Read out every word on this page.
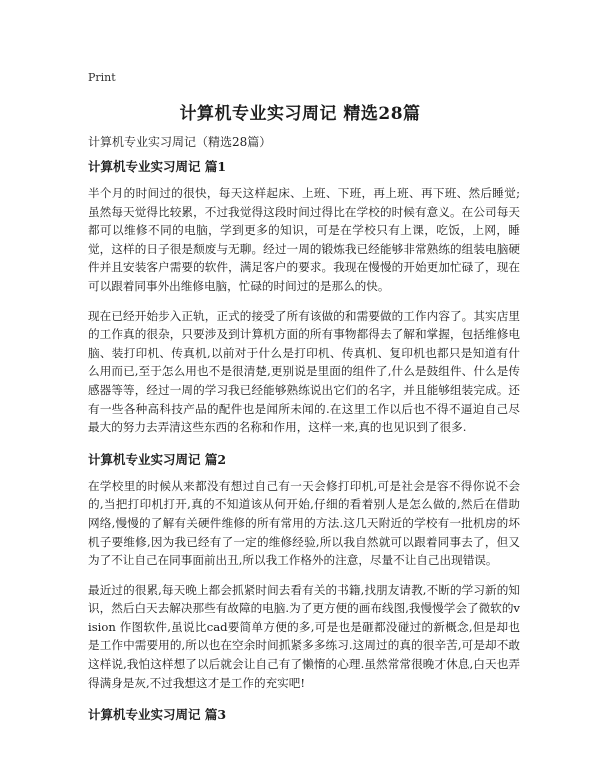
Print
计算机专业实习周记 精选28篇
计算机专业实习周记（精选28篇）
计算机专业实习周记 篇1

半个月的时间过的很快，每天这样起床、上班、下班，再上班、再下班、然后睡觉;虽然每天觉得比较累，不过我觉得这段时间过得比在学校的时候有意义。在公司每天都可以维修不同的电脑，学到更多的知识，可是在学校只有上课，吃饭，上网，睡觉，这样的日子很是颓废与无聊。经过一周的锻炼我已经能够非常熟练的组装电脑硬件并且安装客户需要的软件，满足客户的要求。我现在慢慢的开始更加忙碌了，现在可以跟着同事外出维修电脑，忙碌的时间过的是那么的快。

现在已经开始步入正轨，正式的接受了所有该做的和需要做的工作内容了。其实店里的工作真的很杂，只要涉及到计算机方面的所有事物都得去了解和掌握，包括维修电脑、装打印机、传真机,以前对于什么是打印机、传真机、复印机也都只是知道有什么用而已,至于怎么用也不是很清楚,更别说是里面的组件了,什么是鼓组件、什么是传感器等等，经过一周的学习我已经能够熟练说出它们的名字，并且能够组装完成。还有一些各种高科技产品的配件也是闻所未闻的.在这里工作以后也不得不逼迫自己尽最大的努力去弄清这些东西的名称和作用，这样一来,真的也见识到了很多.

计算机专业实习周记 篇2

在学校里的时候从来都没有想过自己有一天会修打印机,可是社会是容不得你说不会的,当把打印机打开,真的不知道该从何开始,仔细的看着别人是怎么做的,然后在借助网络,慢慢的了解有关硬件维修的所有常用的方法.这几天附近的学校有一批机房的坏机子要维修,因为我已经有了一定的维修经验,所以我自然就可以跟着同事去了，但又为了不让自己在同事面前出丑,所以我工作格外的注意，尽量不让自己出现错误。

最近过的很累,每天晚上都会抓紧时间去看有关的书籍,找朋友请教,不断的学习新的知识，然后白天去解决那些有故障的电脑.为了更方便的画布线图,我慢慢学会了微软的vision 作图软件,虽说比cad要简单方便的多,可是也是砸都没碰过的新概念,但是却也是工作中需要用的,所以也在空余时间抓紧多多练习.这周过的真的很辛苦,可是却不敢这样说,我怕这样想了以后就会让自己有了懒惰的心理.虽然常常很晚才休息,白天也弄得满身是灰,不过我想这才是工作的充实吧!

计算机专业实习周记 篇3
